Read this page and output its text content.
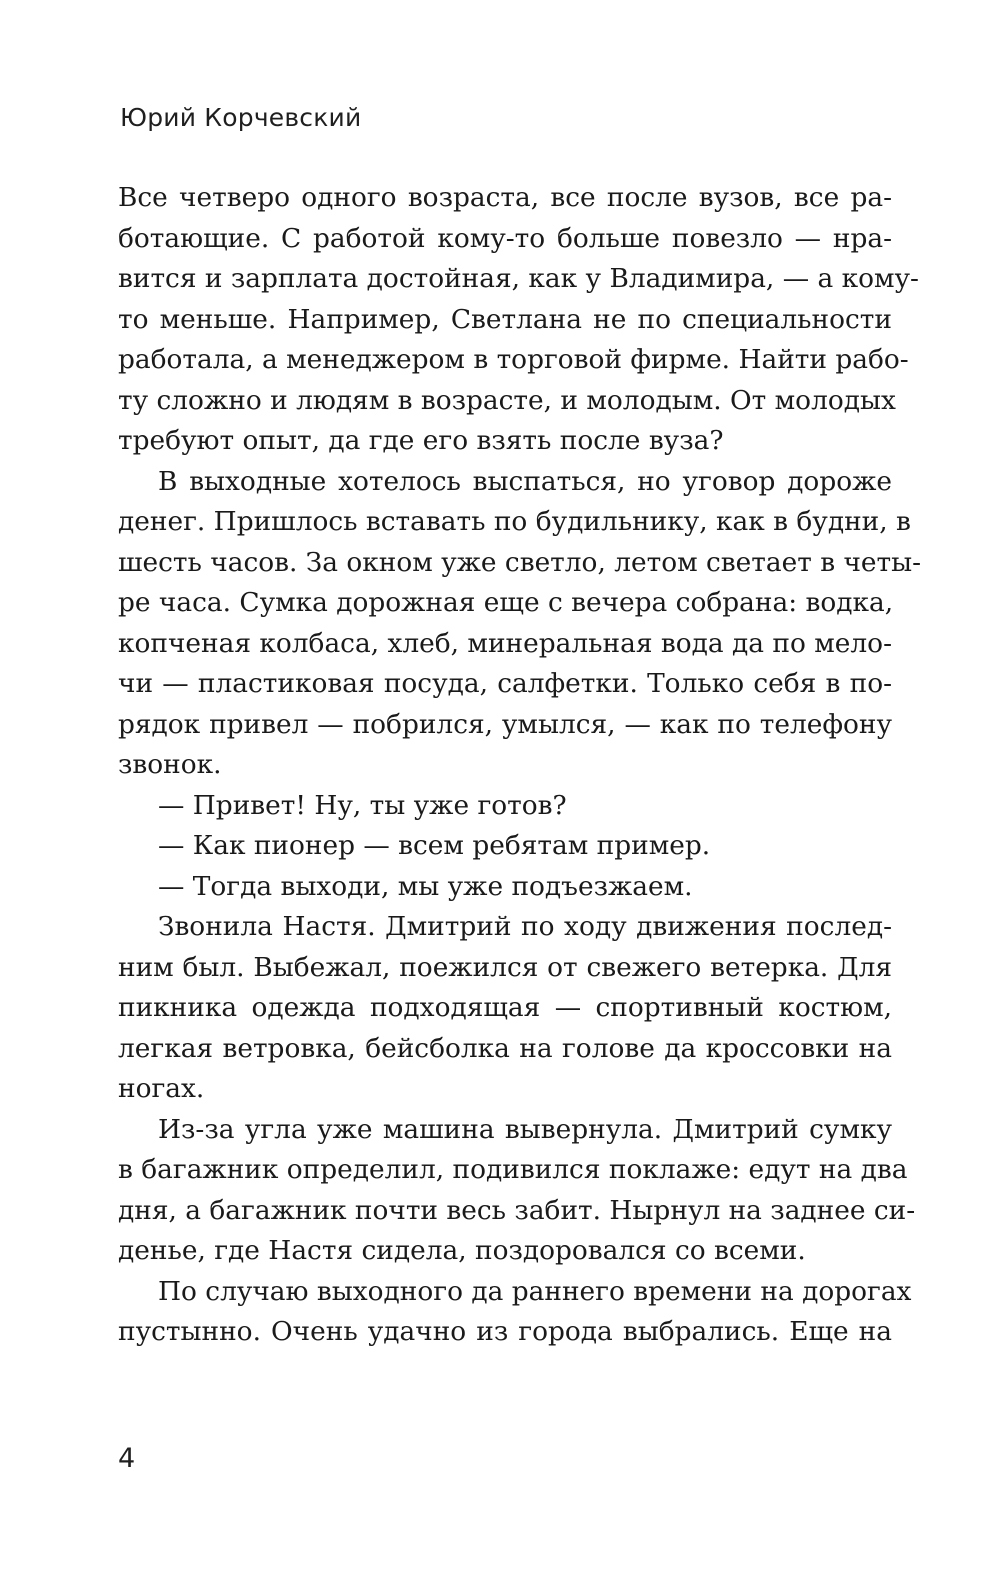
Юрий Корчевский
Все четверо одного возраста, все после вузов, все ра-
ботающие. С работой кому-то больше повезло — нра-
вится и зарплата достойная, как у Владимира, — а кому-
то меньше. Например, Светлана не по специальности
работала, а менеджером в торговой фирме. Найти рабо-
ту сложно и людям в возрасте, и молодым. От молодых
требуют опыт, да где его взять после вуза?
В выходные хотелось выспаться, но уговор дороже
денег. Пришлось вставать по будильнику, как в будни, в
шесть часов. За окном уже светло, летом светает в четы-
ре часа. Сумка дорожная еще с вечера собрана: водка,
копченая колбаса, хлеб, минеральная вода да по мело-
чи — пластиковая посуда, салфетки. Только себя в по-
рядок привел — побрился, умылся, — как по телефону
звонок.
— Привет! Ну, ты уже готов?
— Как пионер — всем ребятам пример.
— Тогда выходи, мы уже подъезжаем.
Звонила Настя. Дмитрий по ходу движения послед-
ним был. Выбежал, поежился от свежего ветерка. Для
пикника одежда подходящая — спортивный костюм,
легкая ветровка, бейсболка на голове да кроссовки на
ногах.
Из-за угла уже машина вывернула. Дмитрий сумку
в багажник определил, подивился поклаже: едут на два
дня, а багажник почти весь забит. Нырнул на заднее си-
денье, где Настя сидела, поздоровался со всеми.
По случаю выходного да раннего времени на дорогах
пустынно. Очень удачно из города выбрались. Еще на
4
